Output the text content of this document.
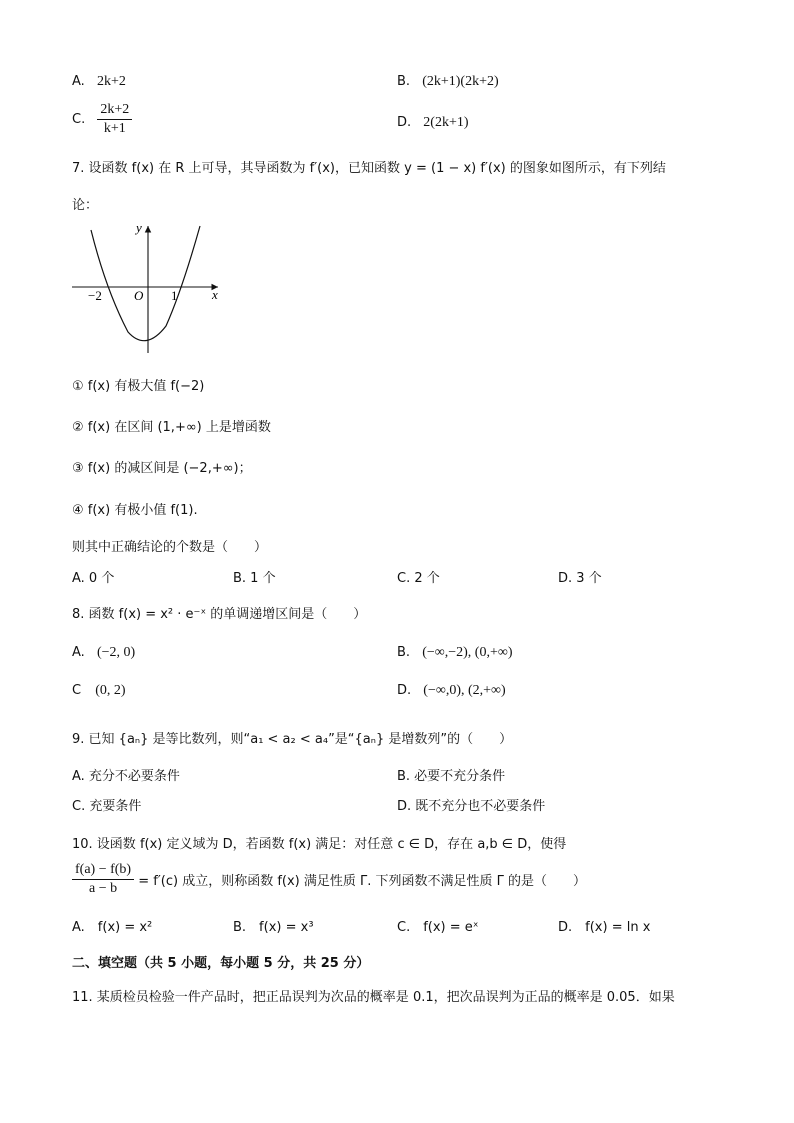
A. 2k+2	B. (2k+1)(2k+2)
C. $\frac{2k+2}{k+1}$	D. 2(2k+1)
7. 设函数 f(x) 在 R 上可导，其导函数为 f′(x)，已知函数 y = (1 − x) f′(x) 的图象如图所示，有下列结
论：
x
y
O
−2	1
① f(x) 有极大值 f(−2)
② f(x) 在区间 (1,+∞) 上是增函数
③ f(x) 的减区间是 (−2,+∞)；
④ f(x) 有极小值 f(1).
则其中正确结论的个数是（　　）
A. 0 个	B. 1 个	C. 2 个	D. 3 个
8. 函数 f(x) = x² · e⁻ˣ 的单调递增区间是（　　）
A. (−2, 0)	B. (−∞,−2), (0,+∞)
C (0, 2)	D. (−∞,0), (2,+∞)
9. 已知 {aₙ} 是等比数列，则“a₁ < a₂ < a₄”是“{aₙ} 是增数列”的（　　）
A. 充分不必要条件	B. 必要不充分条件
C. 充要条件	D. 既不充分也不必要条件
10. 设函数 f(x) 定义域为 D，若函数 f(x) 满足：对任意 c ∈ D，存在 a,b ∈ D，使得
$\frac{f(a) - f(b)}{a - b} = f'(c)$ 成立，则称函数 f(x) 满足性质 Γ. 下列函数不满足性质 Γ 的是（　　）
A.　f(x) = x²	B.　f(x) = x³	C.　f(x) = eˣ	D.　f(x) = ln x
二、填空题（共 5 小题，每小题 5 分，共 25 分）
11. 某质检员检验一件产品时，把正品误判为次品的概率是 0.1，把次品误判为正品的概率是 0.05．如果
